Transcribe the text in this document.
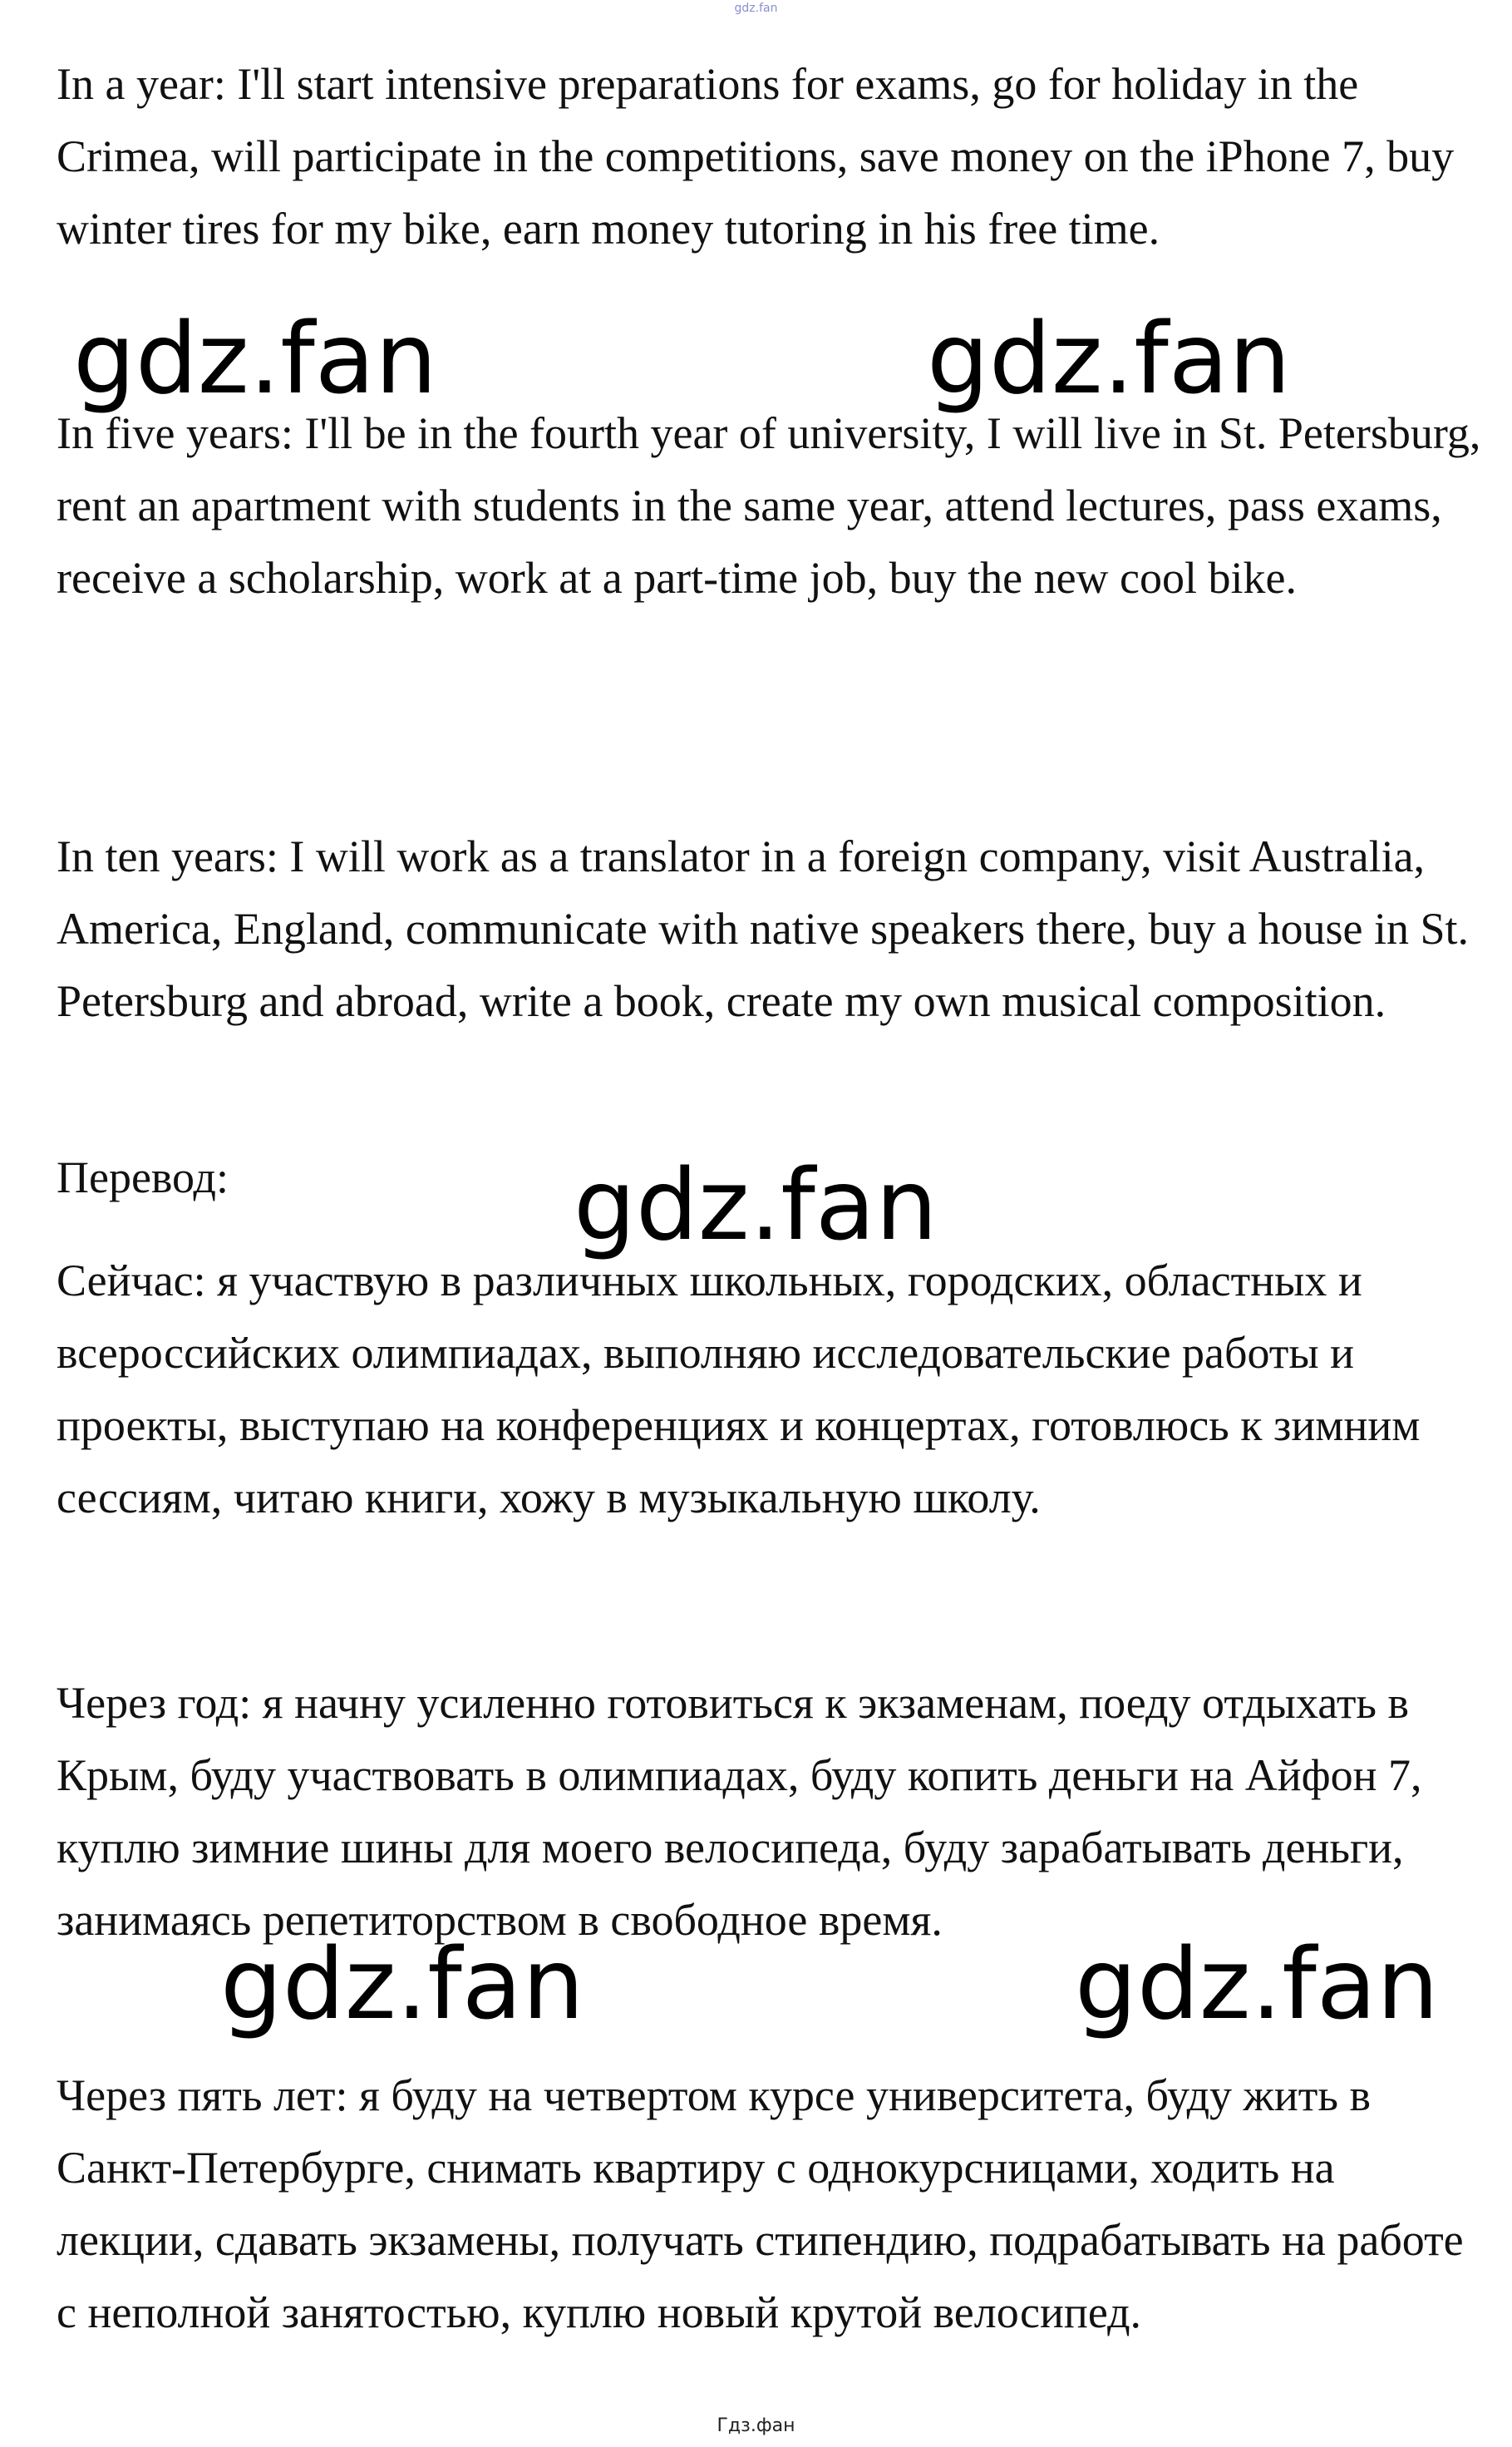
gdz.fan

In a year: I'll start intensive preparations for exams, go for holiday in the Crimea, will participate in the competitions, save money on the iPhone 7, buy winter tires for my bike, earn money tutoring in his free time.

gdz.fan	gdz.fan

In five years: I'll be in the fourth year of university, I will live in St. Petersburg, rent an apartment with students in the same year, attend lectures, pass exams, receive a scholarship, work at a part-time job, buy the new cool bike.

In ten years: I will work as a translator in a foreign company, visit Australia, America, England, communicate with native speakers there, buy a house in St. Petersburg and abroad, write a book, create my own musical composition.

Перевод:	gdz.fan

Сейчас: я участвую в различных школьных, городских, областных и всероссийских олимпиадах, выполняю исследовательские работы и проекты, выступаю на конференциях и концертах, готовлюсь к зимним сессиям, читаю книги, хожу в музыкальную школу.

Через год: я начну усиленно готовиться к экзаменам, поеду отдыхать в Крым, буду участвовать в олимпиадах, буду копить деньги на Айфон 7, куплю зимние шины для моего велосипеда, буду зарабатывать деньги, занимаясь репетиторством в свободное время.

gdz.fan	gdz.fan

Через пять лет: я буду на четвертом курсе университета, буду жить в Санкт-Петербурге, снимать квартиру с однокурсницами, ходить на лекции, сдавать экзамены, получать стипендию, подрабатывать на работе с неполной занятостью, куплю новый крутой велосипед.

Гдз.фан
